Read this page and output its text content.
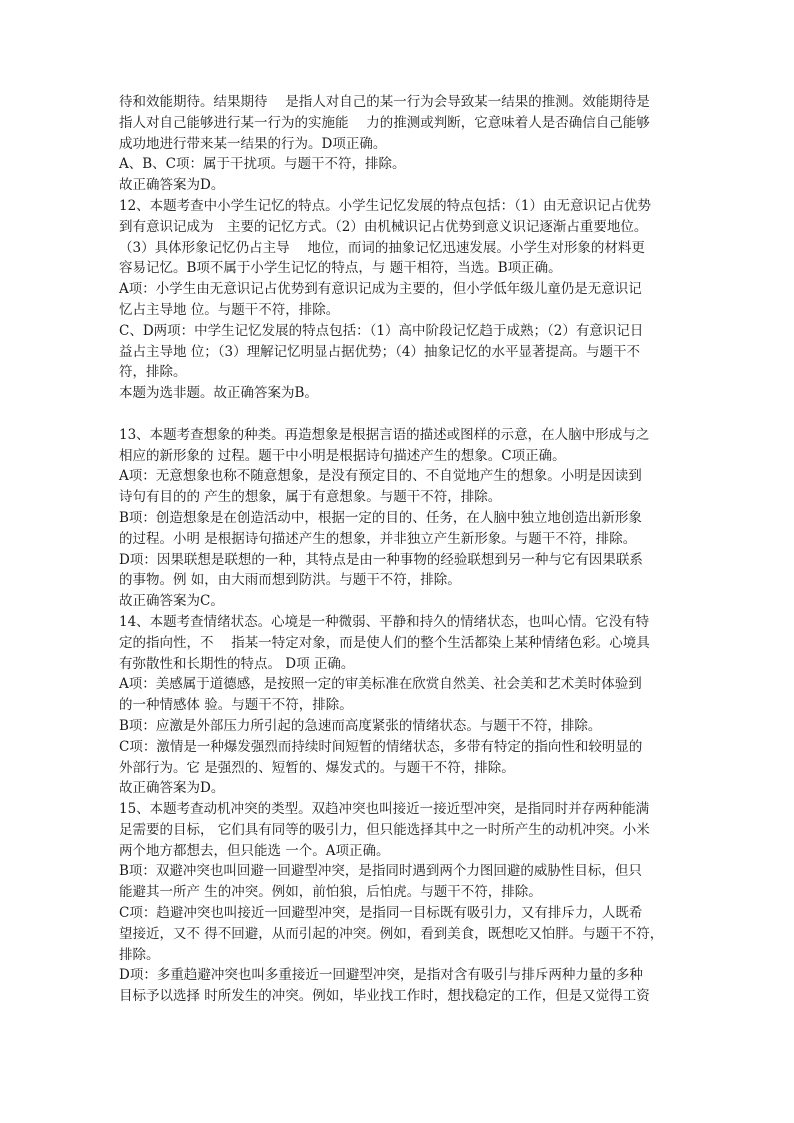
待和效能期待。结果期待　 是指人对自己的某一行为会导致某一结果的推测。效能期待是

指人对自己能够进行某一行为的实施能　 力的推测或判断，它意味着人是否确信自己能够

成功地进行带来某一结果的行为。D项正确。

A、B、C项：属于干扰项。与题干不符，排除。

故正确答案为D。

12、本题考查中小学生记忆的特点。小学生记忆发展的特点包括：（1）由无意识记占优势

到有意识记成为　主要的记忆方式。（2）由机械识记占优势到意义识记逐渐占重要地位。

（3）具体形象记忆仍占主导　 地位，而词的抽象记忆迅速发展。小学生对形象的材料更

容易记忆。B项不属于小学生记忆的特点，与 题干相符，当选。B项正确。

A项：小学生由无意识记占优势到有意识记成为主要的，但小学低年级儿童仍是无意识记

忆占主导地 位。与题干不符，排除。

C、D两项：中学生记忆发展的特点包括：（1）高中阶段记忆趋于成熟；（2）有意识记日

益占主导地 位；（3）理解记忆明显占据优势；（4）抽象记忆的水平显著提高。与题干不

符，排除。

本题为选非题。故正确答案为B。

13、本题考查想象的种类。再造想象是根据言语的描述或图样的示意，在人脑中形成与之

相应的新形象的 过程。题干中小明是根据诗句描述产生的想象。C项正确。

A项：无意想象也称不随意想象，是没有预定目的、不自觉地产生的想象。小明是因读到

诗句有目的的 产生的想象，属于有意想象。与题干不符，排除。

B项：创造想象是在创造活动中，根据一定的目的、任务，在人脑中独立地创造出新形象

的过程。小明 是根据诗句描述产生的想象，并非独立产生新形象。与题干不符，排除。

D项：因果联想是联想的一种，其特点是由一种事物的经验联想到另一种与它有因果联系

的事物。例 如，由大雨而想到防洪。与题干不符，排除。

故正确答案为C。

14、本题考查情绪状态。心境是一种微弱、平静和持久的情绪状态，也叫心情。它没有特

定的指向性，不　 指某一特定对象，而是使人们的整个生活都染上某种情绪色彩。心境具

有弥散性和长期性的特点。 D项 正确。

A项：美感属于道德感，是按照一定的审美标准在欣赏自然美、社会美和艺术美时体验到

的一种情感体 验。与题干不符，排除。

B项：应激是外部压力所引起的急速而高度紧张的情绪状态。与题干不符，排除。

C项：激情是一种爆发强烈而持续时间短暂的情绪状态，多带有特定的指向性和较明显的

外部行为。它 是强烈的、短暂的、爆发式的。与题干不符，排除。

故正确答案为D。

15、本题考查动机冲突的类型。双趋冲突也叫接近一接近型冲突，是指同时并存两种能满

足需要的目标， 它们具有同等的吸引力，但只能选择其中之一时所产生的动机冲突。小米

两个地方都想去，但只能选 一个。A项正确。

B项：双避冲突也叫回避一回避型冲突，是指同时遇到两个力图回避的威胁性目标，但只

能避其一所产 生的冲突。例如，前怕狼，后怕虎。与题干不符，排除。

C项：趋避冲突也叫接近一回避型冲突，是指同一目标既有吸引力，又有排斥力，人既希

望接近，又不 得不回避，从而引起的冲突。例如，看到美食，既想吃又怕胖。与题干不符，

排除。

D项：多重趋避冲突也叫多重接近一回避型冲突，是指对含有吸引与排斥两种力量的多种

目标予以选择 时所发生的冲突。例如，毕业找工作时，想找稳定的工作，但是又觉得工资
